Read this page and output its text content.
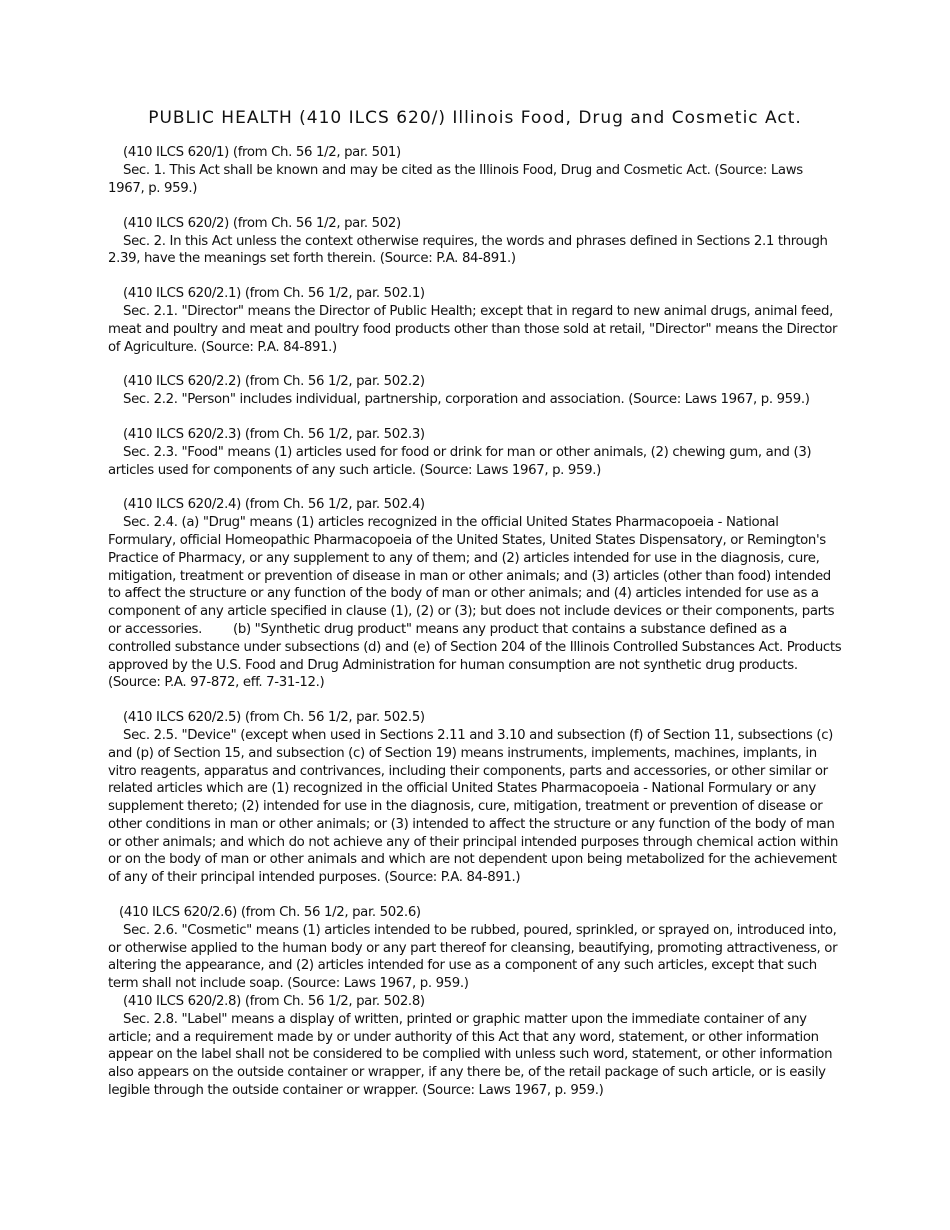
PUBLIC HEALTH (410 ILCS 620/) Illinois Food, Drug and Cosmetic Act.
(410 ILCS 620/1) (from Ch. 56 1/2, par. 501)
Sec. 1. This Act shall be known and may be cited as the Illinois Food, Drug and Cosmetic Act. (Source: Laws 1967, p. 959.)
(410 ILCS 620/2) (from Ch. 56 1/2, par. 502)
Sec. 2. In this Act unless the context otherwise requires, the words and phrases defined in Sections 2.1 through 2.39, have the meanings set forth therein. (Source: P.A. 84-891.)
(410 ILCS 620/2.1) (from Ch. 56 1/2, par. 502.1)
Sec. 2.1. "Director" means the Director of Public Health; except that in regard to new animal drugs, animal feed, meat and poultry and meat and poultry food products other than those sold at retail, "Director" means the Director of Agriculture. (Source: P.A. 84-891.)
(410 ILCS 620/2.2) (from Ch. 56 1/2, par. 502.2)
Sec. 2.2. "Person" includes individual, partnership, corporation and association. (Source: Laws 1967, p. 959.)
(410 ILCS 620/2.3) (from Ch. 56 1/2, par. 502.3)
Sec. 2.3. "Food" means (1) articles used for food or drink for man or other animals, (2) chewing gum, and (3) articles used for components of any such article. (Source: Laws 1967, p. 959.)
(410 ILCS 620/2.4) (from Ch. 56 1/2, par. 502.4)
Sec. 2.4. (a) "Drug" means (1) articles recognized in the official United States Pharmacopoeia - National Formulary, official Homeopathic Pharmacopoeia of the United States, United States Dispensatory, or Remington's Practice of Pharmacy, or any supplement to any of them; and (2) articles intended for use in the diagnosis, cure, mitigation, treatment or prevention of disease in man or other animals; and (3) articles (other than food) intended to affect the structure or any function of the body of man or other animals; and (4) articles intended for use as a component of any article specified in clause (1), (2) or (3); but does not include devices or their components, parts or accessories.        (b) "Synthetic drug product" means any product that contains a substance defined as a controlled substance under subsections (d) and (e) of Section 204 of the Illinois Controlled Substances Act. Products approved by the U.S. Food and Drug Administration for human consumption are not synthetic drug products. (Source: P.A. 97-872, eff. 7-31-12.)
(410 ILCS 620/2.5) (from Ch. 56 1/2, par. 502.5)
Sec. 2.5. "Device" (except when used in Sections 2.11 and 3.10 and subsection (f) of Section 11, subsections (c) and (p) of Section 15, and subsection (c) of Section 19) means instruments, implements, machines, implants, in vitro reagents, apparatus and contrivances, including their components, parts and accessories, or other similar or related articles which are (1) recognized in the official United States Pharmacopoeia - National Formulary or any supplement thereto; (2) intended for use in the diagnosis, cure, mitigation, treatment or prevention of disease or other conditions in man or other animals; or (3) intended to affect the structure or any function of the body of man or other animals; and which do not achieve any of their principal intended purposes through chemical action within or on the body of man or other animals and which are not dependent upon being metabolized for the achievement of any of their principal intended purposes. (Source: P.A. 84-891.)
(410 ILCS 620/2.6) (from Ch. 56 1/2, par. 502.6)
Sec. 2.6. "Cosmetic" means (1) articles intended to be rubbed, poured, sprinkled, or sprayed on, introduced into, or otherwise applied to the human body or any part thereof for cleansing, beautifying, promoting attractiveness, or altering the appearance, and (2) articles intended for use as a component of any such articles, except that such term shall not include soap. (Source: Laws 1967, p. 959.)
(410 ILCS 620/2.8) (from Ch. 56 1/2, par. 502.8)
Sec. 2.8. "Label" means a display of written, printed or graphic matter upon the immediate container of any article; and a requirement made by or under authority of this Act that any word, statement, or other information appear on the label shall not be considered to be complied with unless such word, statement, or other information also appears on the outside container or wrapper, if any there be, of the retail package of such article, or is easily legible through the outside container or wrapper. (Source: Laws 1967, p. 959.)
